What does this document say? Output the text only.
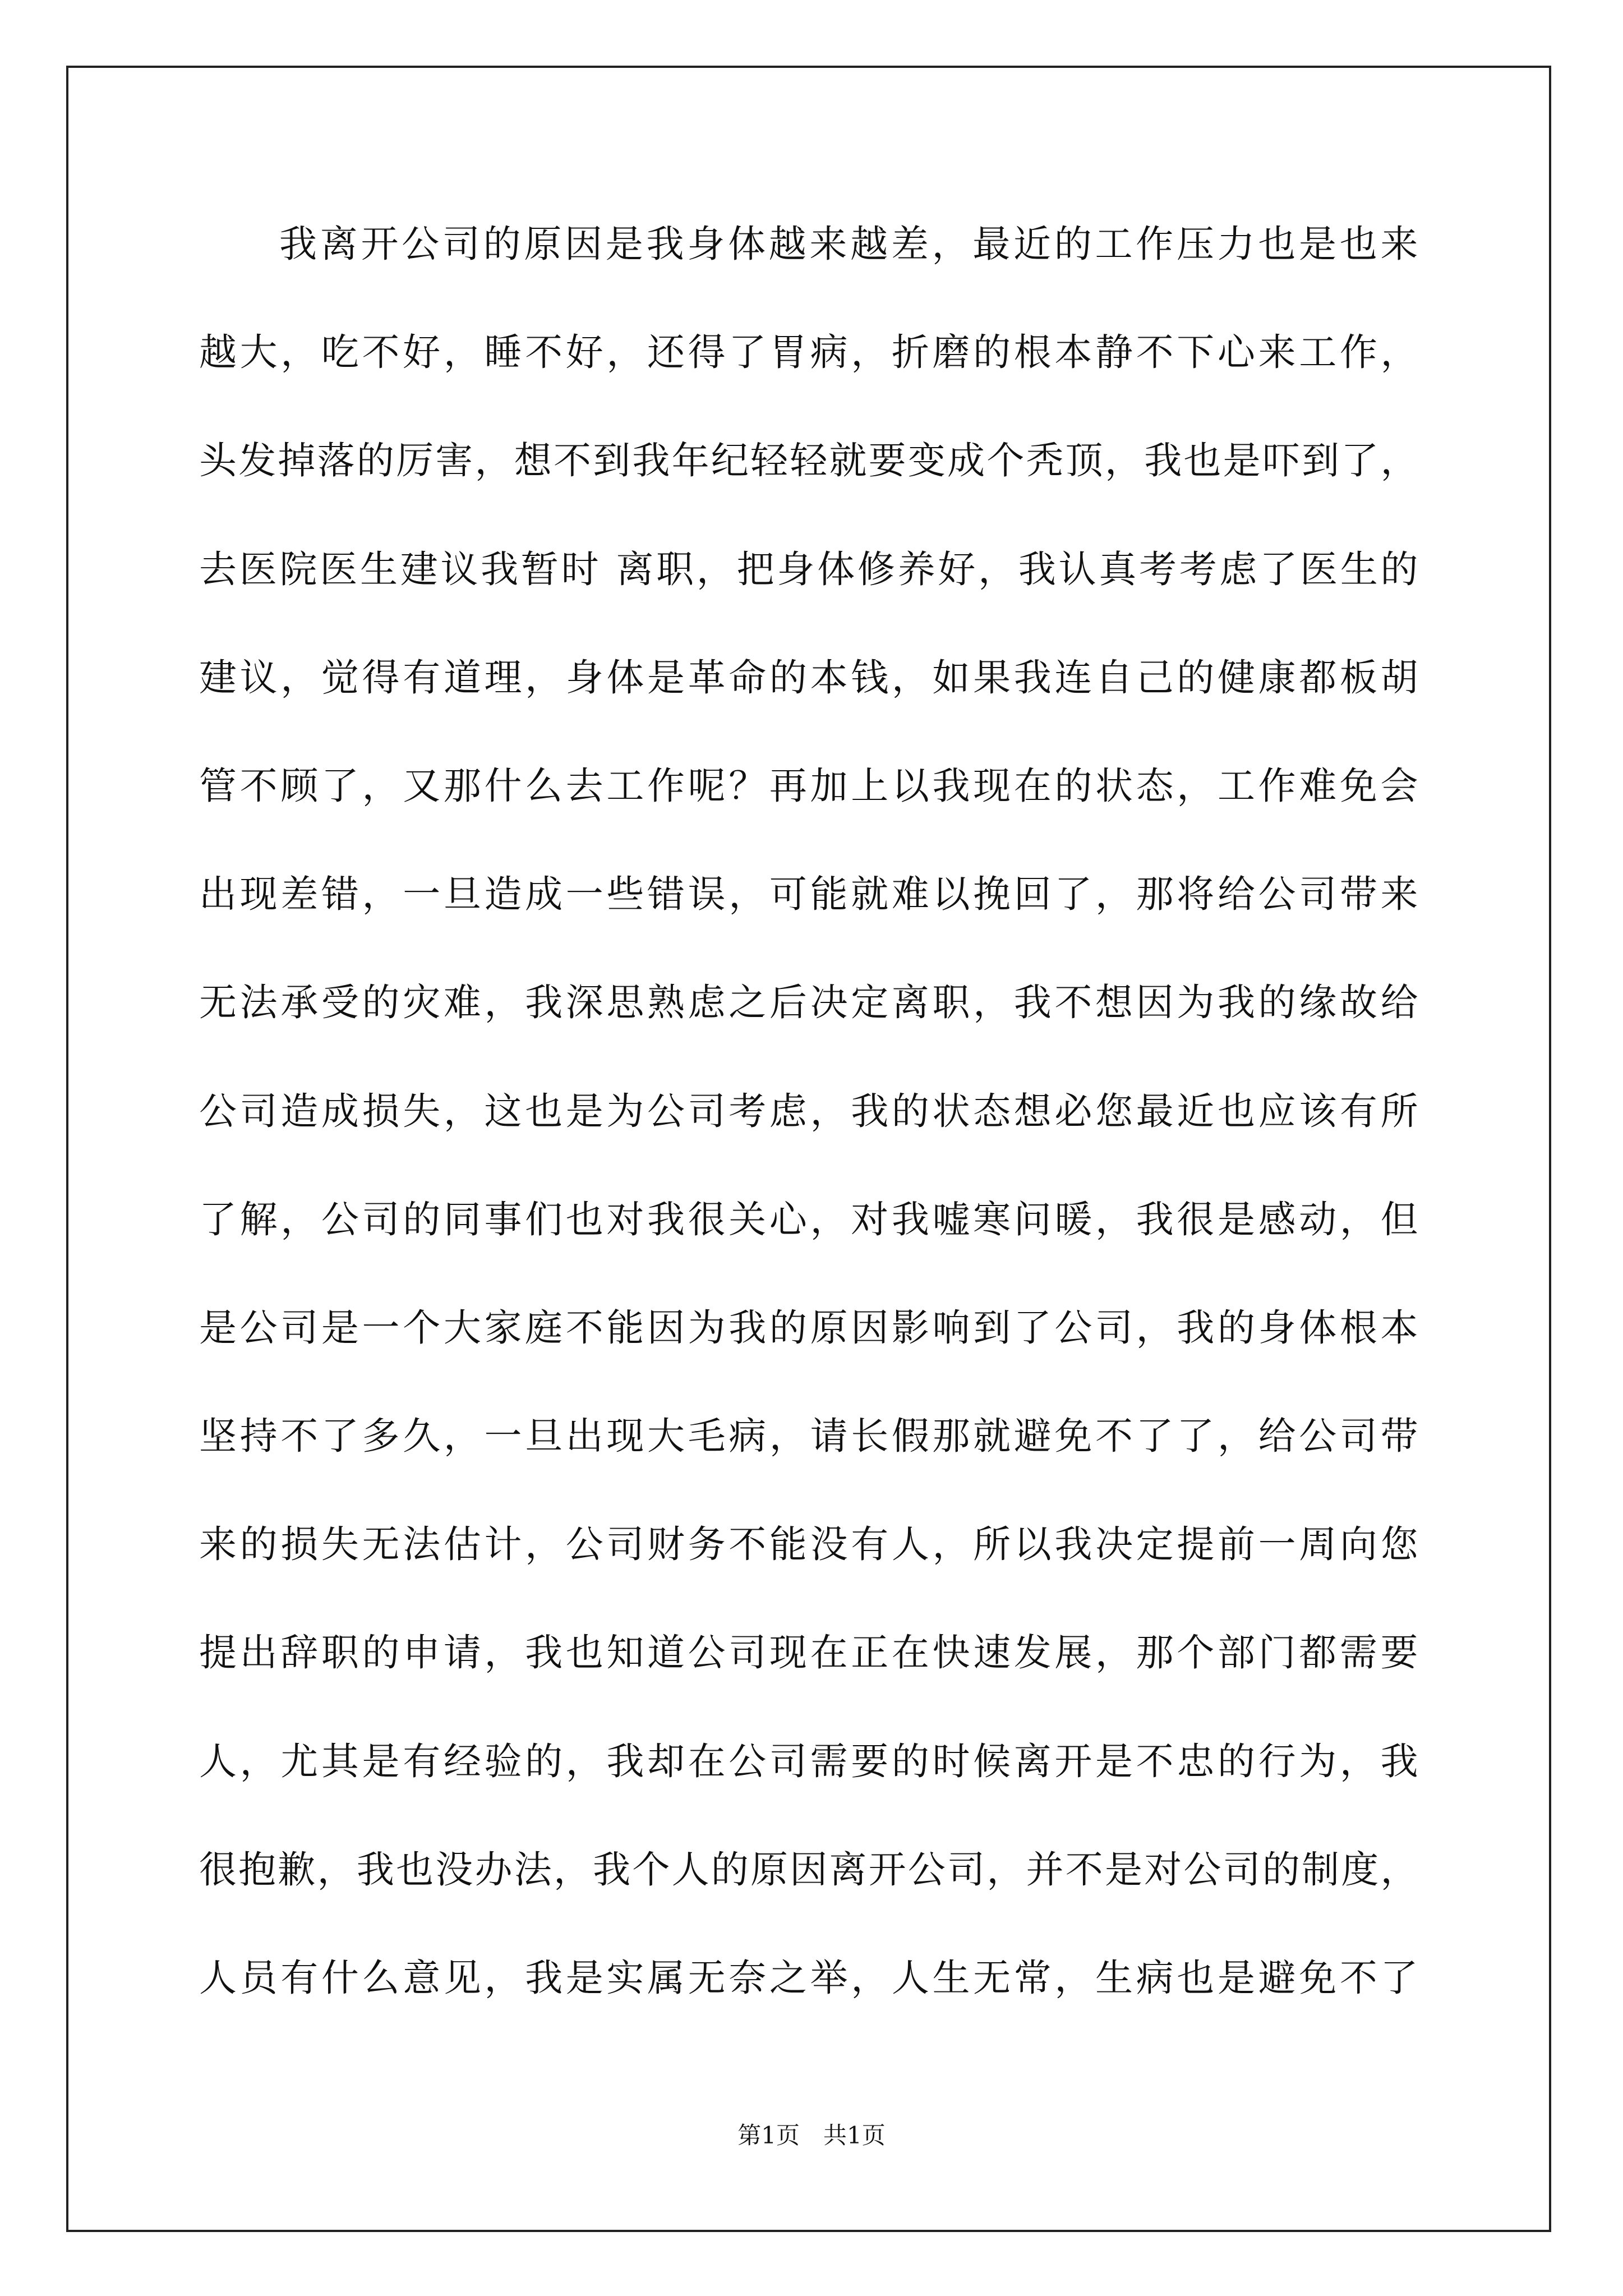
我离开公司的原因是我身体越来越差，最近的工作压力也是也来
越大，吃不好，睡不好，还得了胃病，折磨的根本静不下心来工作，
头发掉落的厉害，想不到我年纪轻轻就要变成个秃顶，我也是吓到了，
去医院医生建议我暂时 离职，把身体修养好，我认真考考虑了医生的
建议，觉得有道理，身体是革命的本钱，如果我连自己的健康都板胡
管不顾了，又那什么去工作呢？再加上以我现在的状态，工作难免会
出现差错，一旦造成一些错误，可能就难以挽回了，那将给公司带来
无法承受的灾难，我深思熟虑之后决定离职，我不想因为我的缘故给
公司造成损失，这也是为公司考虑，我的状态想必您最近也应该有所
了解，公司的同事们也对我很关心，对我嘘寒问暖，我很是感动，但
是公司是一个大家庭不能因为我的原因影响到了公司，我的身体根本
坚持不了多久，一旦出现大毛病，请长假那就避免不了了，给公司带
来的损失无法估计，公司财务不能没有人，所以我决定提前一周向您
提出辞职的申请，我也知道公司现在正在快速发展，那个部门都需要
人，尤其是有经验的，我却在公司需要的时候离开是不忠的行为，我
很抱歉，我也没办法，我个人的原因离开公司，并不是对公司的制度，
人员有什么意见，我是实属无奈之举，人生无常，生病也是避免不了
第1页　共1页
